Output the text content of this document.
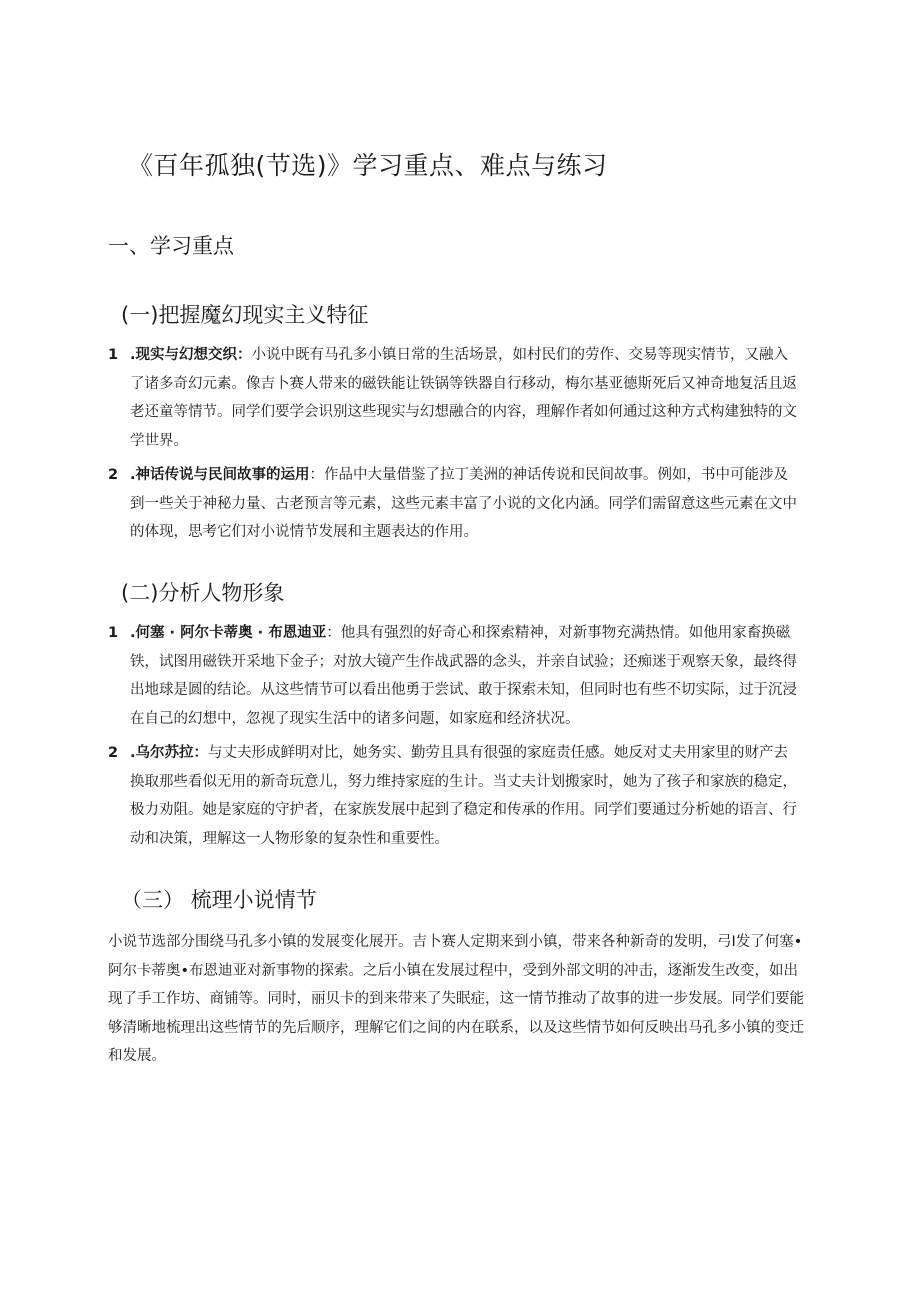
《百年孤独(节选)》学习重点、难点与练习
一、学习重点
(一)把握魔幻现实主义特征
1 .现实与幻想交织：小说中既有马孔多小镇日常的生活场景，如村民们的劳作、交易等现实情节，又融入了诸多奇幻元素。像吉卜赛人带来的磁铁能让铁锅等铁器自行移动，梅尔基亚德斯死后又神奇地复活且返老还童等情节。同学们要学会识别这些现实与幻想融合的内容，理解作者如何通过这种方式构建独特的文学世界。
2 .神话传说与民间故事的运用：作品中大量借鉴了拉丁美洲的神话传说和民间故事。例如，书中可能涉及到一些关于神秘力量、古老预言等元素，这些元素丰富了小说的文化内涵。同学们需留意这些元素在文中的体现，思考它们对小说情节发展和主题表达的作用。
(二)分析人物形象
1 .何塞 · 阿尔卡蒂奥 · 布恩迪亚：他具有强烈的好奇心和探索精神，对新事物充满热情。如他用家畜换磁铁，试图用磁铁开采地下金子；对放大镜产生作战武器的念头，并亲自试验；还痴迷于观察天象，最终得出地球是圆的结论。从这些情节可以看出他勇于尝试、敢于探索未知，但同时也有些不切实际，过于沉浸在自己的幻想中，忽视了现实生活中的诸多问题，如家庭和经济状况。
2 .乌尔苏拉：与丈夫形成鲜明对比，她务实、勤劳且具有很强的家庭责任感。她反对丈夫用家里的财产去换取那些看似无用的新奇玩意儿，努力维持家庭的生计。当丈夫计划搬家时，她为了孩子和家族的稳定，极力劝阻。她是家庭的守护者，在家族发展中起到了稳定和传承的作用。同学们要通过分析她的语言、行动和决策，理解这一人物形象的复杂性和重要性。
（三） 梳理小说情节

小说节选部分围绕马孔多小镇的发展变化展开。吉卜赛人定期来到小镇，带来各种新奇的发明，弓I发了何塞•阿尔卡蒂奥•布恩迪亚对新事物的探索。之后小镇在发展过程中，受到外部文明的冲击，逐渐发生改变，如出现了手工作坊、商铺等。同时，丽贝卡的到来带来了失眠症，这一情节推动了故事的进一步发展。同学们要能够清晰地梳理出这些情节的先后顺序，理解它们之间的内在联系，以及这些情节如何反映出马孔多小镇的变迁和发展。
